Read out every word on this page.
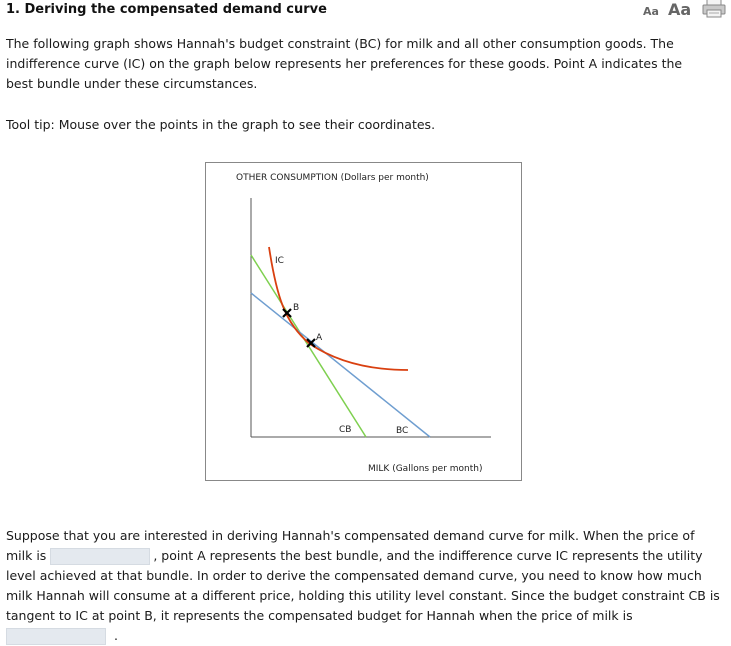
1. Deriving the compensated demand curve	Aa Aa
The following graph shows Hannah's budget constraint (BC) for milk and all other consumption goods. The indifference curve (IC) on the graph below represents her preferences for these goods. Point A indicates the best bundle under these circumstances.
Tool tip: Mouse over the points in the graph to see their coordinates.
OTHER CONSUMPTION (Dollars per month)
IC
CB	BC
B
A
MILK (Gallons per month)
Suppose that you are interested in deriving Hannah's compensated demand curve for milk. When the price of milk is	, point A represents the best bundle, and the indifference curve IC represents the utility level achieved at that bundle. In order to derive the compensated demand curve, you need to know how much milk Hannah will consume at a different price, holding this utility level constant. Since the budget constraint CB is tangent to IC at point B, it represents the compensated budget for Hannah when the price of milk is .
